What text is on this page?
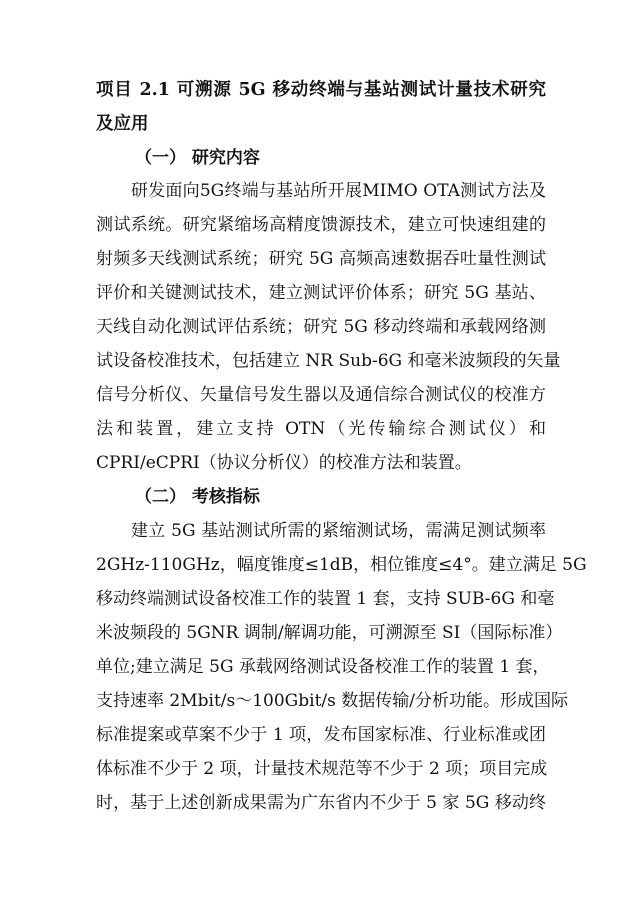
项目 2.1 可溯源 5G 移动终端与基站测试计量技术研究
及应用
（一） 研究内容
研发面向5G终端与基站所开展MIMO OTA测试方法及
测试系统。研究紧缩场高精度馈源技术，建立可快速组建的
射频多天线测试系统；研究 5G 高频高速数据吞吐量性测试
评价和关键测试技术，建立测试评价体系；研究 5G 基站、
天线自动化测试评估系统；研究 5G 移动终端和承载网络测
试设备校准技术，包括建立 NR Sub-6G 和毫米波频段的矢量
信号分析仪、矢量信号发生器以及通信综合测试仪的校准方
法和装置，建立支持 OTN（光传输综合测试仪）和
CPRI/eCPRI（协议分析仪）的校准方法和装置。
（二） 考核指标
建立 5G 基站测试所需的紧缩测试场，需满足测试频率
2GHz-110GHz，幅度锥度≤1dB，相位锥度≤4°。建立满足 5G
移动终端测试设备校准工作的装置 1 套，支持 SUB-6G 和毫
米波频段的 5GNR 调制/解调功能，可溯源至 SI（国际标准）
单位;建立满足 5G 承载网络测试设备校准工作的装置 1 套，
支持速率 2Mbit/s～100Gbit/s 数据传输/分析功能。形成国际
标准提案或草案不少于 1 项，发布国家标准、行业标准或团
体标准不少于 2 项，计量技术规范等不少于 2 项；项目完成
时，基于上述创新成果需为广东省内不少于 5 家 5G 移动终
